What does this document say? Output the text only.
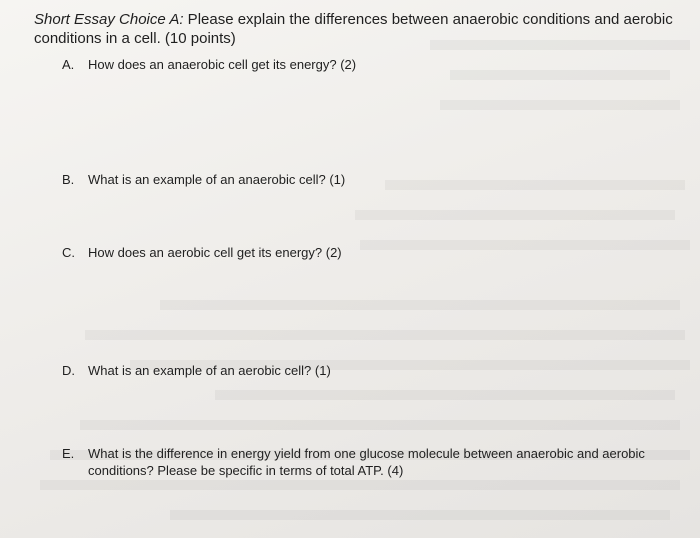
Short Essay Choice A: Please explain the differences between anaerobic conditions and aerobic conditions in a cell. (10 points)

A.	How does an anaerobic cell get its energy? (2)
B.	What is an example of an anaerobic cell? (1)
C.	How does an aerobic cell get its energy? (2)
D.	What is an example of an aerobic cell? (1)
E.	What is the difference in energy yield from one glucose molecule between anaerobic and aerobic conditions? Please be specific in terms of total ATP. (4)
